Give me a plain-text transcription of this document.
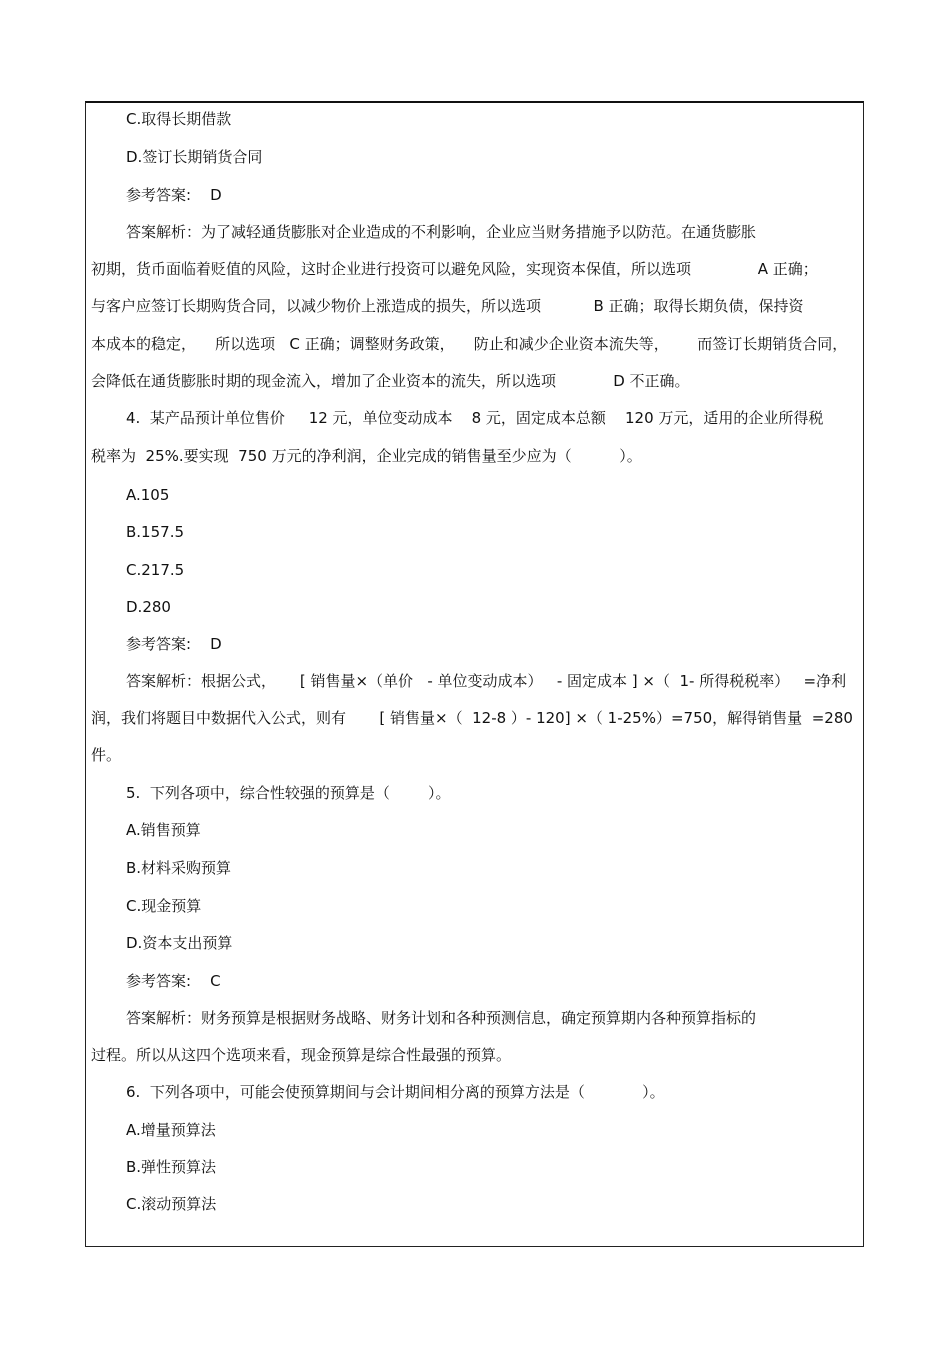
C.取得长期借款
D.签订长期销货合同
参考答案:    D
答案解析：为了减轻通货膨胀对企业造成的不利影响，企业应当财务措施予以防范。在通货膨胀
初期，货币面临着贬值的风险，这时企业进行投资可以避免风险，实现资本保值，所以选项              A 正确；
与客户应签订长期购货合同，以减少物价上涨造成的损失，所以选项           B 正确；取得长期负债，保持资
本成本的稳定，    所以选项   C 正确；调整财务政策，    防止和减少企业资本流失等，      而签订长期销货合同，
会降低在通货膨胀时期的现金流入，增加了企业资本的流失，所以选项            D 不正确。
4.  某产品预计单位售价     12 元，单位变动成本    8 元，固定成本总额    120 万元，适用的企业所得税
税率为  25%.要实现  750 万元的净利润，企业完成的销售量至少应为（          ）。
A.105
B.157.5
C.217.5
D.280
参考答案:    D
答案解析：根据公式，     [ 销售量×（单价   - 单位变动成本）   - 固定成本 ] ×（  1- 所得税税率）   =净利
润，我们将题目中数据代入公式，则有       [ 销售量×（  12-8 ）- 120] ×（ 1-25%）=750，解得销售量  =280
件。
5.  下列各项中，综合性较强的预算是（        ）。
A.销售预算
B.材料采购预算
C.现金预算
D.资本支出预算
参考答案:    C
答案解析：财务预算是根据财务战略、财务计划和各种预测信息，确定预算期内各种预算指标的
过程。所以从这四个选项来看，现金预算是综合性最强的预算。
6.  下列各项中，可能会使预算期间与会计期间相分离的预算方法是（            ）。
A.增量预算法
B.弹性预算法
C.滚动预算法
